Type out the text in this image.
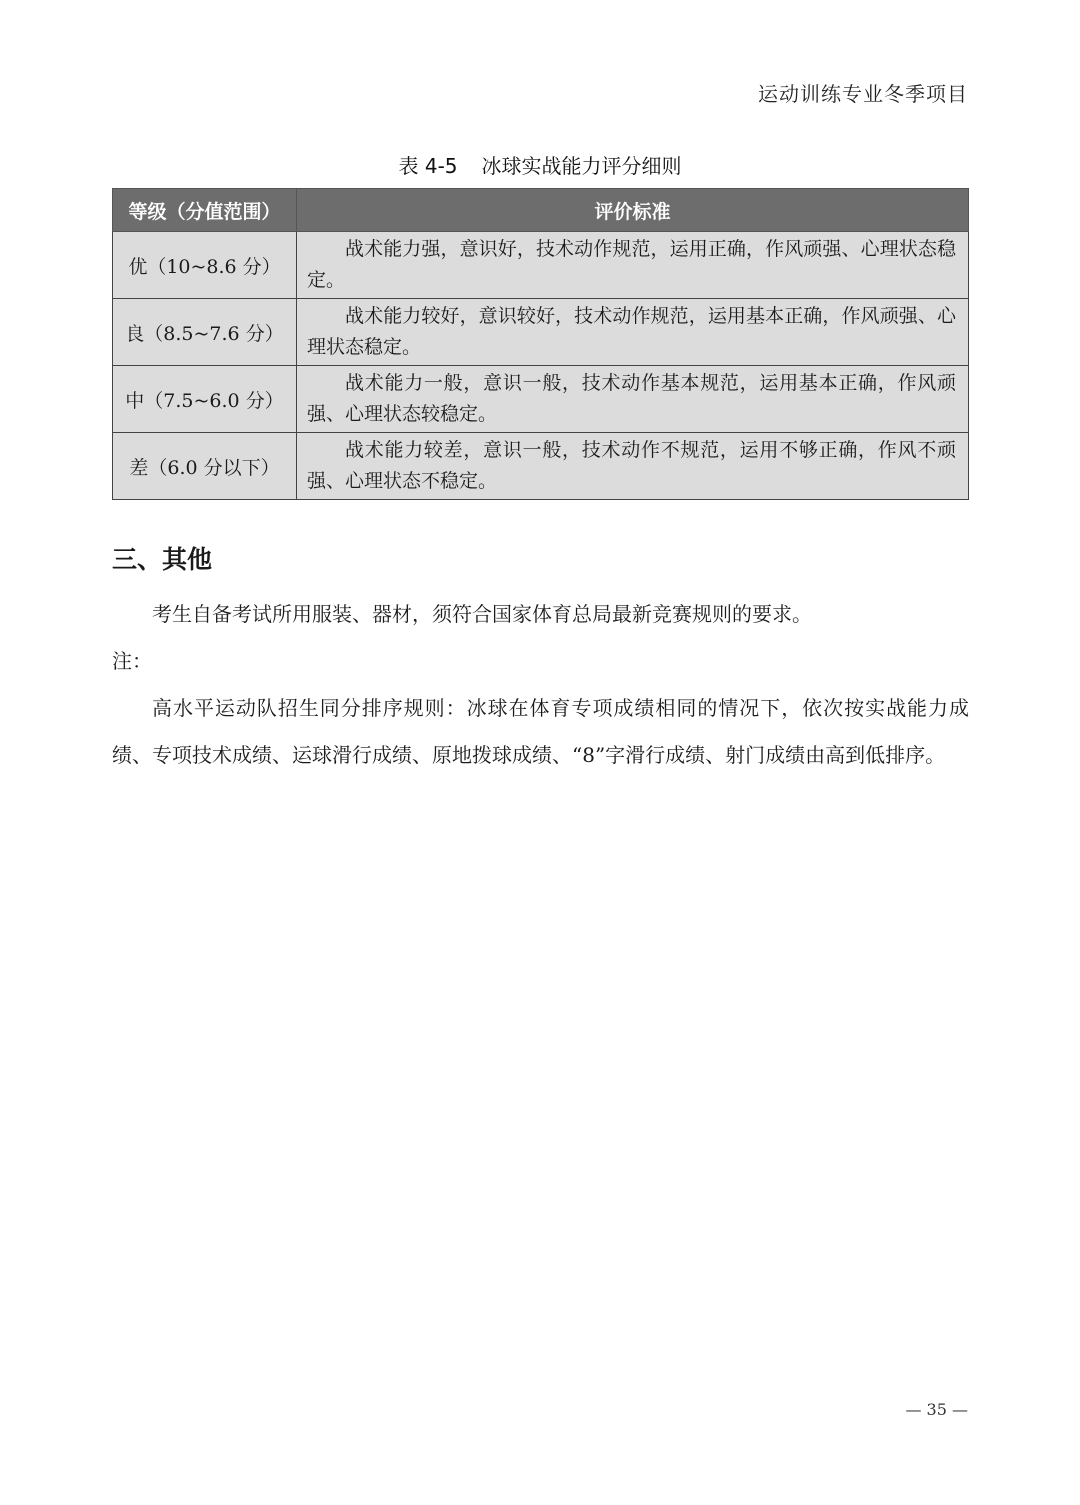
运动训练专业冬季项目
表 4-5 冰球实战能力评分细则
等级（分值范围）	评价标准
优（10~8.6 分）	战术能力强，意识好，技术动作规范，运用正确，作风顽强、心理状态稳定。
良（8.5~7.6 分）	战术能力较好，意识较好，技术动作规范，运用基本正确，作风顽强、心理状态稳定。
中（7.5~6.0 分）	战术能力一般，意识一般，技术动作基本规范，运用基本正确，作风顽强、心理状态较稳定。
差（6.0 分以下）	战术能力较差，意识一般，技术动作不规范，运用不够正确，作风不顽强、心理状态不稳定。
三、其他

考生自备考试所用服装、器材，须符合国家体育总局最新竞赛规则的要求。

注：

高水平运动队招生同分排序规则：冰球在体育专项成绩相同的情况下，依次按实战能力成绩、专项技术成绩、运球滑行成绩、原地拨球成绩、“8”字滑行成绩、射门成绩由高到低排序。

— 35 —
